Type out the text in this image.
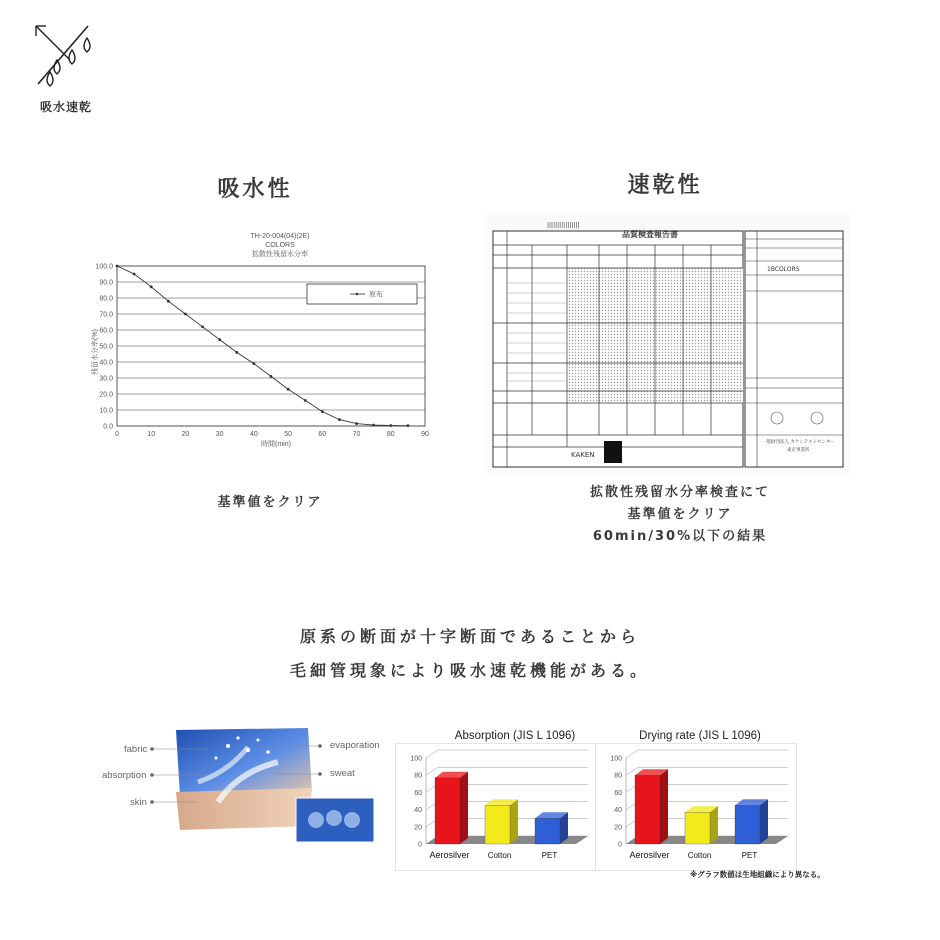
吸水速乾
吸水性	速乾性
TH-20-004(04)(2E)
COLORS
拡散性残留水分率
0.0
10.0
20.0
30.0
40.0
50.0
60.0
70.0
80.0
90.0
100.0
0	10	20	30	40	50	60	70	80	90
原布
時間(min)
残留水分率(%)
||||||||||||||||
品質検査報告書
KAKEN
1BCOLORS
一般財団法人 カケンテストセンター
東京事業所
基準値をクリア
拡散性残留水分率検査にて
基準値をクリア
60min/30%以下の結果
原系の断面が十字断面であることから
毛細管現象により吸水速乾機能がある。
fabric
absorption
skin
evaporation
sweat
Absorption (JIS L 1096)
0
20
40
60
80
100
Aerosilver Cotton	PET
Drying rate (JIS L 1096)
0
20
40
60
80
100
Aerosilver Cotton	PET
※グラフ数値は生地組織により異なる。
